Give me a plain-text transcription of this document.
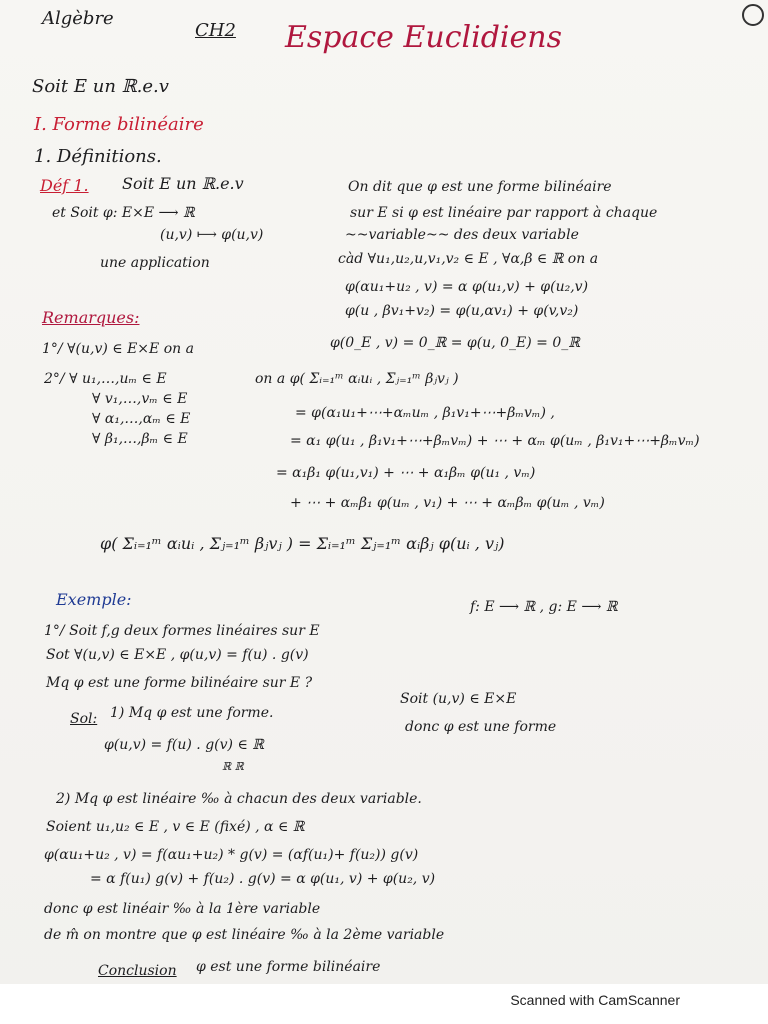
Algèbre
CH2 Espace Euclidiens
Soit E un ℝ.e.v
I. Forme bilinéaire
1. Définitions.
Déf 1. Soit E un ℝ.e.v	On dit que φ est une forme bilinéaire
et Soit φ: E×E ⟶ ℝ	sur E si φ est linéaire par rapport à chaque
(u,v) ⟼ φ(u,v)	~~variable~~ des deux variable
une application	càd ∀u₁,u₂,u,v₁,v₂ ∈ E , ∀α,β ∈ ℝ on a
φ(αu₁+u₂ , v) = α φ(u₁,v) + φ(u₂,v)
φ(u , βv₁+v₂) = φ(u,αv₁) + φ(v,v₂)
Remarques:
1°/ ∀(u,v) ∈ E×E on a	φ(0_E , v) = 0_ℝ = φ(u, 0_E) = 0_ℝ
2°/ ∀ u₁,…,uₘ ∈ E	on a φ( Σᵢ₌₁ᵐ αᵢuᵢ , Σⱼ₌₁ᵐ βⱼvⱼ )
∀ v₁,…,vₘ ∈ E
∀ α₁,…,αₘ ∈ E	= φ(α₁u₁+⋯+αₘuₘ , β₁v₁+⋯+βₘvₘ) ,
∀ β₁,…,βₘ ∈ E	= α₁ φ(u₁ , β₁v₁+⋯+βₘvₘ) + ⋯ + αₘ φ(uₘ , β₁v₁+⋯+βₘvₘ)
= α₁β₁ φ(u₁,v₁) + ⋯ + α₁βₘ φ(u₁ , vₘ)
+ ⋯ + αₘβ₁ φ(uₘ , v₁) + ⋯ + αₘβₘ φ(uₘ , vₘ)
φ( Σᵢ₌₁ᵐ αᵢuᵢ , Σⱼ₌₁ᵐ βⱼvⱼ ) = Σᵢ₌₁ᵐ Σⱼ₌₁ᵐ αᵢβⱼ φ(uᵢ , vⱼ)
Exemple:
1°/ Soit f,g deux formes linéaires sur E
f: E ⟶ ℝ , g: E ⟶ ℝ
Sot ∀(u,v) ∈ E×E , φ(u,v) = f(u) . g(v)
Mq φ est une forme bilinéaire sur E ?
Sol: 1) Mq φ est une forme.
Soit (u,v) ∈ E×E
φ(u,v) = f(u) . g(v) ∈ ℝ
donc φ est une forme
ℝ ℝ
2) Mq φ est linéaire ‰ à chacun des deux variable.
Soient u₁,u₂ ∈ E , v ∈ E (fixé) , α ∈ ℝ
φ(αu₁+u₂ , v) = f(αu₁+u₂) * g(v) = (αf(u₁)+ f(u₂)) g(v)
= α f(u₁) g(v) + f(u₂) . g(v) = α φ(u₁, v) + φ(u₂, v)
donc φ est linéair ‰ à la 1ère variable
de m̂ on montre que φ est linéaire ‰ à la 2ème variable
Conclusion φ est une forme bilinéaire
Scanned with CamScanner
